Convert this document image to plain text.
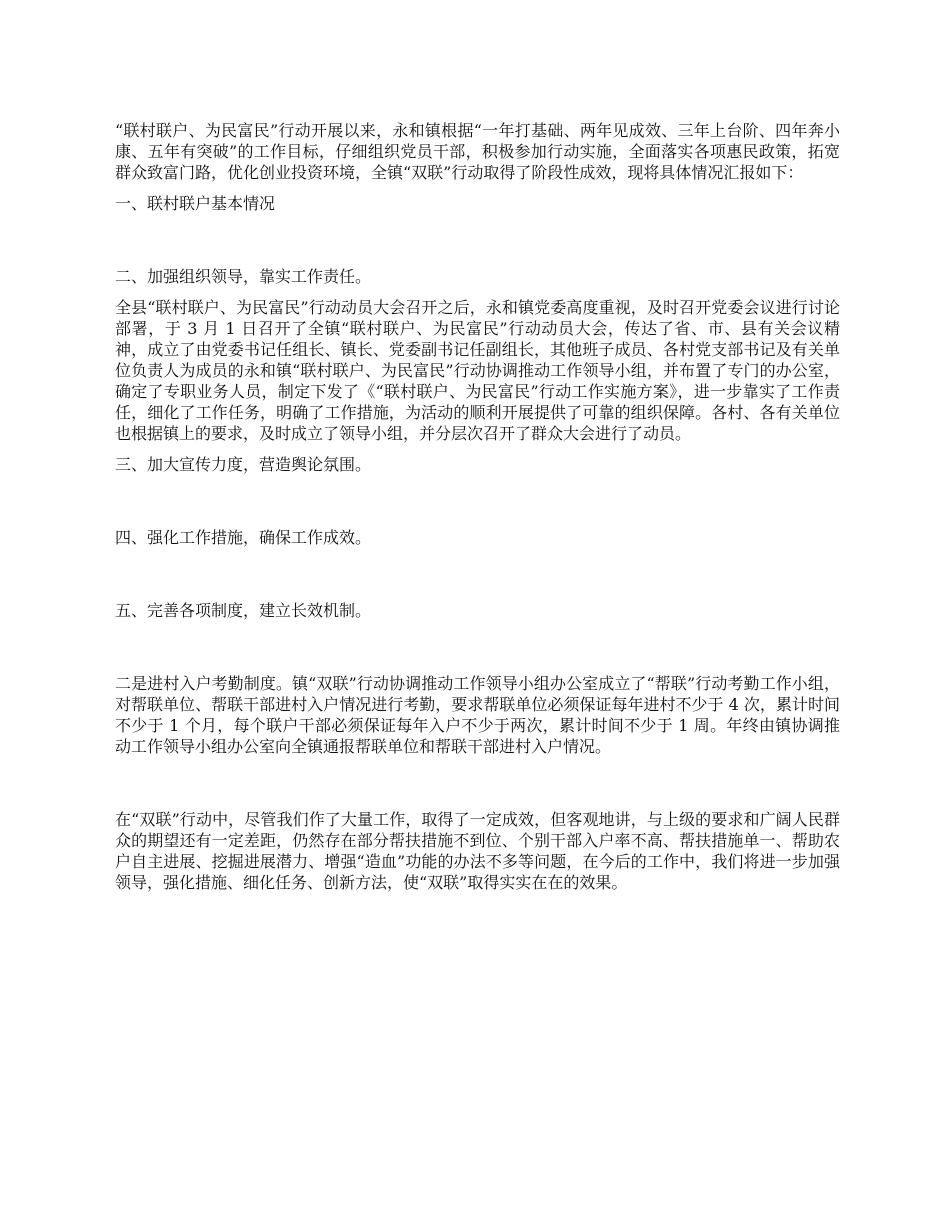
“联村联户、为民富民”行动开展以来，永和镇根据“一年打基础、两年见成效、三年上台阶、四年奔小康、五年有突破”的工作目标，仔细组织党员干部，积极参加行动实施，全面落实各项惠民政策，拓宽群众致富门路，优化创业投资环境，全镇“双联”行动取得了阶段性成效，现将具体情况汇报如下：

一、联村联户基本情况

二、加强组织领导，靠实工作责任。

全县“联村联户、为民富民”行动动员大会召开之后，永和镇党委高度重视，及时召开党委会议进行讨论部署，于 3 月 1 日召开了全镇“联村联户、为民富民”行动动员大会，传达了省、市、县有关会议精神，成立了由党委书记任组长、镇长、党委副书记任副组长，其他班子成员、各村党支部书记及有关单位负责人为成员的永和镇“联村联户、为民富民”行动协调推动工作领导小组，并布置了专门的办公室，确定了专职业务人员，制定下发了《“联村联户、为民富民”行动工作实施方案》，进一步靠实了工作责任，细化了工作任务，明确了工作措施，为活动的顺利开展提供了可靠的组织保障。各村、各有关单位也根据镇上的要求，及时成立了领导小组，并分层次召开了群众大会进行了动员。

三、加大宣传力度，营造舆论氛围。

四、强化工作措施，确保工作成效。

五、完善各项制度，建立长效机制。

二是进村入户考勤制度。镇“双联”行动协调推动工作领导小组办公室成立了“帮联”行动考勤工作小组，对帮联单位、帮联干部进村入户情况进行考勤，要求帮联单位必须保证每年进村不少于 4 次，累计时间不少于 1 个月，每个联户干部必须保证每年入户不少于两次，累计时间不少于 1 周。年终由镇协调推动工作领导小组办公室向全镇通报帮联单位和帮联干部进村入户情况。

在“双联”行动中，尽管我们作了大量工作，取得了一定成效，但客观地讲，与上级的要求和广阔人民群众的期望还有一定差距，仍然存在部分帮扶措施不到位、个别干部入户率不高、帮扶措施单一、帮助农户自主进展、挖掘进展潜力、增强“造血”功能的办法不多等问题，在今后的工作中，我们将进一步加强领导，强化措施、细化任务、创新方法，使“双联”取得实实在在的效果。
